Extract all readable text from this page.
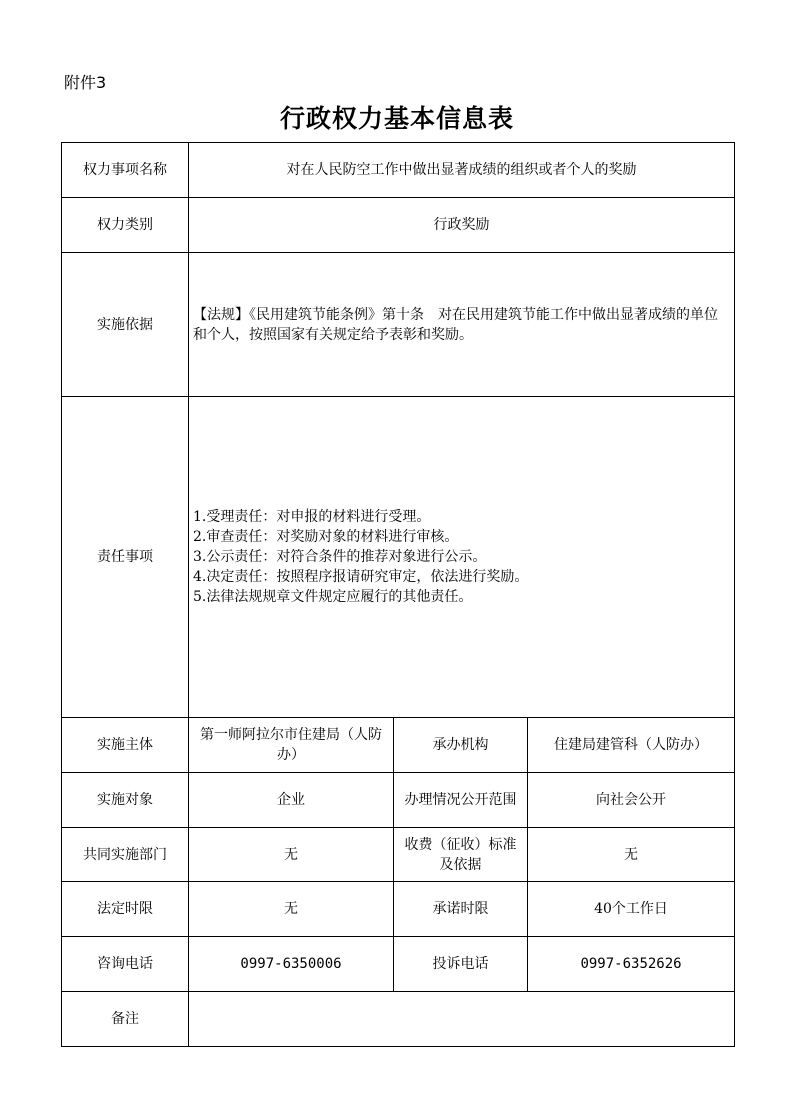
附件3
行政权力基本信息表
权力事项名称	对在人民防空工作中做出显著成绩的组织或者个人的奖励		
权力类别	行政奖励		
实施依据	【法规】《民用建筑节能条例》第十条　对在民用建筑节能工作中做出显著成绩的单位和个人，按照国家有关规定给予表彰和奖励。		
责任事项	1.受理责任：对申报的材料进行受理。
2.审查责任：对奖励对象的材料进行审核。
3.公示责任：对符合条件的推荐对象进行公示。
4.决定责任：按照程序报请研究审定，依法进行奖励。
5.法律法规规章文件规定应履行的其他责任。		

实施主体	第一师阿拉尔市住建局（人防办）	承办机构	住建局建管科（人防办）
实施对象	企业	办理情况公开范围	向社会公开
共同实施部门	无	收费（征收）标准及依据	无
法定时限	无	承诺时限	40个工作日
咨询电话	0997-6350006	投诉电话	0997-6352626
备注			
